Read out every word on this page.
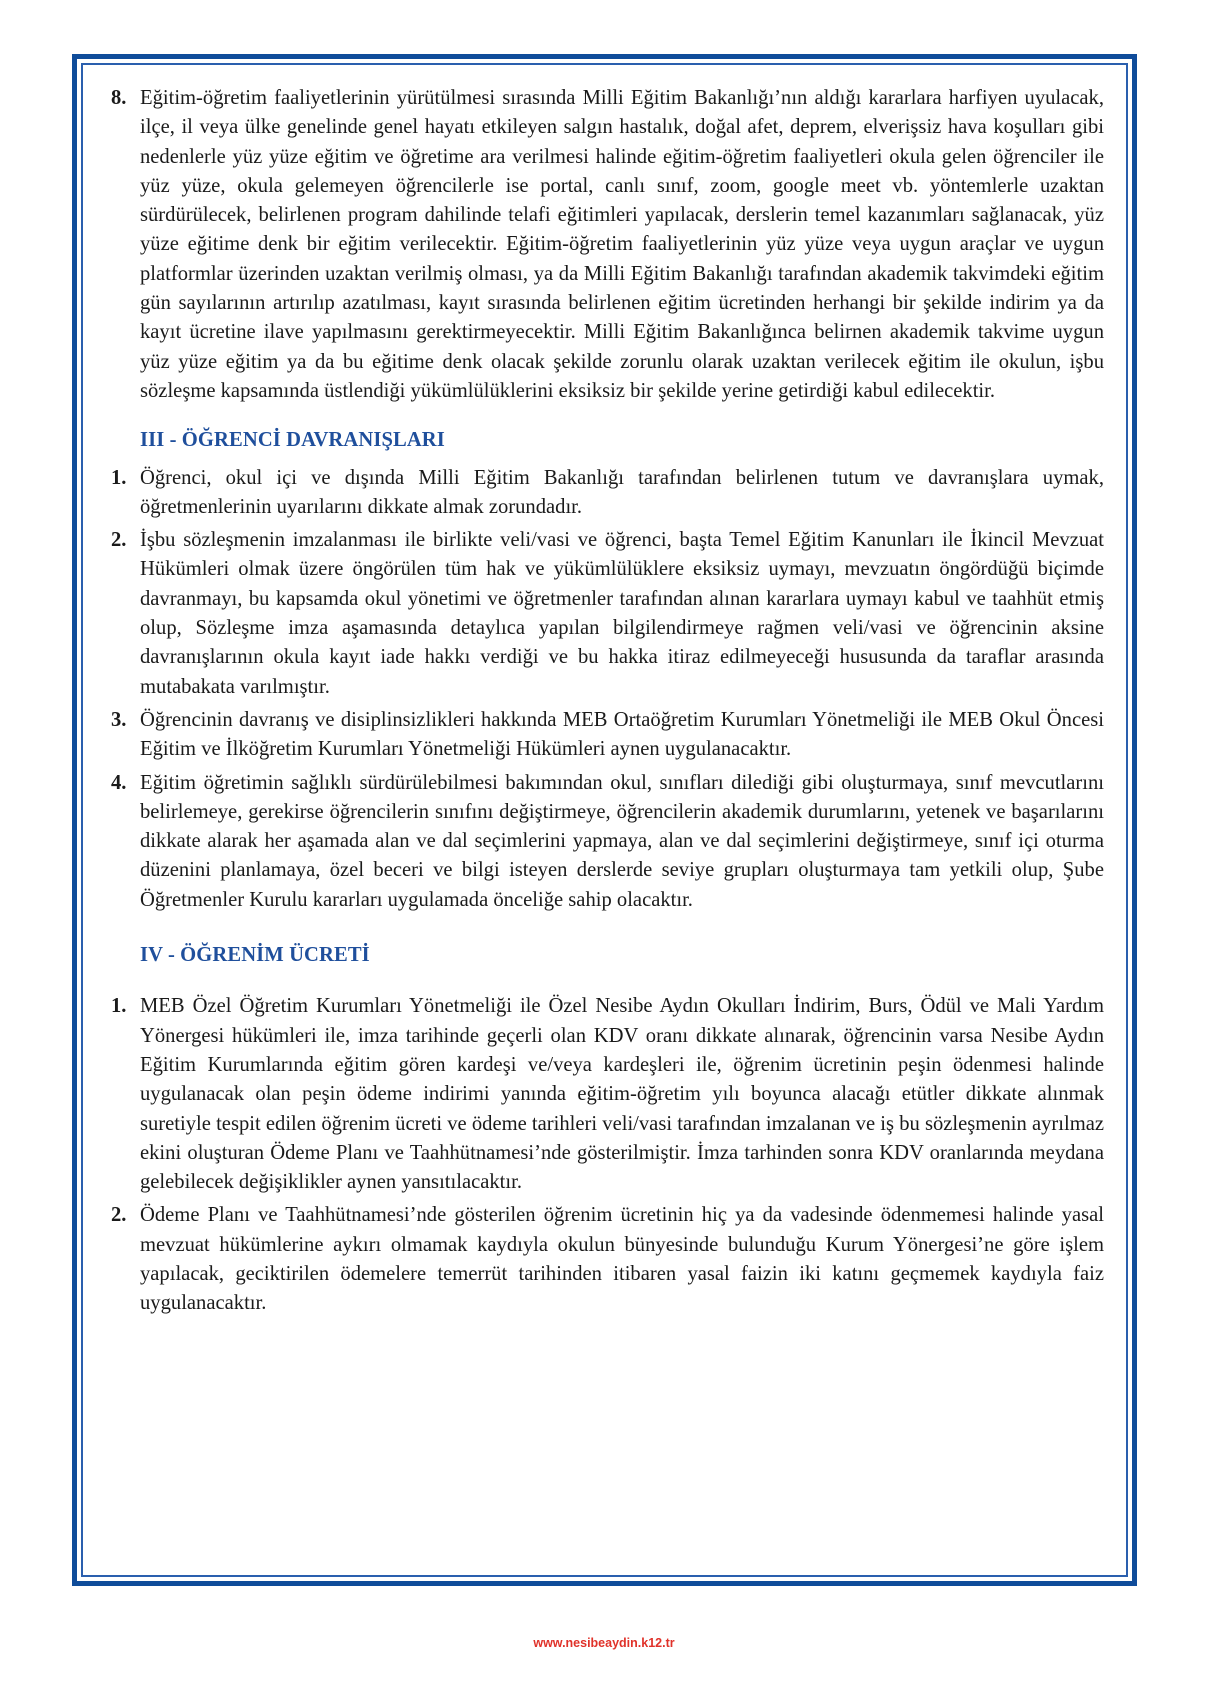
8. Eğitim-öğretim faaliyetlerinin yürütülmesi sırasında Milli Eğitim Bakanlığı’nın aldığı kararlara harfiyen uyulacak, ilçe, il veya ülke genelinde genel hayatı etkileyen salgın hastalık, doğal afet, deprem, elverişsiz hava koşulları gibi nedenlerle yüz yüze eğitim ve öğretime ara verilmesi halinde eğitim-öğretim faaliyetleri okula gelen öğrenciler ile yüz yüze, okula gelemeyen öğrencilerle ise portal, canlı sınıf, zoom, google meet vb. yöntemlerle uzaktan sürdürülecek, belirlenen program dahilinde telafi eğitimleri yapılacak, derslerin temel kazanımları sağlanacak, yüz yüze eğitime denk bir eğitim verilecektir. Eğitim-öğretim faaliyetlerinin yüz yüze veya uygun araçlar ve uygun platformlar üzerinden uzaktan verilmiş olması, ya da Milli Eğitim Bakanlığı tarafından akademik takvimdeki eğitim gün sayılarının artırılıp azatılması, kayıt sırasında belirlenen eğitim ücretinden herhangi bir şekilde indirim ya da kayıt ücretine ilave yapılmasını gerektirmeyecektir. Milli Eğitim Bakanlığınca belirnen akademik takvime uygun yüz yüze eğitim ya da bu eğitime denk olacak şekilde zorunlu olarak uzaktan verilecek eğitim ile okulun, işbu sözleşme kapsamında üstlendiği yükümlülüklerini eksiksiz bir şekilde yerine getirdiği kabul edilecektir.
III - ÖĞRENCİ DAVRANIŞLARI
1. Öğrenci, okul içi ve dışında Milli Eğitim Bakanlığı tarafından belirlenen tutum ve davranışlara uymak, öğretmenlerinin uyarılarını dikkate almak zorundadır.
2. İşbu sözleşmenin imzalanması ile birlikte veli/vasi ve öğrenci, başta Temel Eğitim Kanunları ile İkincil Mevzuat Hükümleri olmak üzere öngörülen tüm hak ve yükümlülüklere eksiksiz uymayı, mevzuatın öngördüğü biçimde davranmayı, bu kapsamda okul yönetimi ve öğretmenler tarafından alınan kararlara uymayı kabul ve taahhüt etmiş olup, Sözleşme imza aşamasında detaylıca yapılan bilgilendirmeye rağmen veli/vasi ve öğrencinin aksine davranışlarının okula kayıt iade hakkı verdiği ve bu hakka itiraz edilmeyeceği hususunda da taraflar arasında mutabakata varılmıştır.
3. Öğrencinin davranış ve disiplinsizlikleri hakkında MEB Ortaöğretim Kurumları Yönetmeliği ile MEB Okul Öncesi Eğitim ve İlköğretim Kurumları Yönetmeliği Hükümleri aynen uygulanacaktır.
4. Eğitim öğretimin sağlıklı sürdürülebilmesi bakımından okul, sınıfları dilediği gibi oluşturmaya, sınıf mevcutlarını belirlemeye, gerekirse öğrencilerin sınıfını değiştirmeye, öğrencilerin akademik durumlarını, yetenek ve başarılarını dikkate alarak her aşamada alan ve dal seçimlerini yapmaya, alan ve dal seçimlerini değiştirmeye, sınıf içi oturma düzenini planlamaya, özel beceri ve bilgi isteyen derslerde seviye grupları oluşturmaya tam yetkili olup, Şube Öğretmenler Kurulu kararları uygulamada önceliğe sahip olacaktır.
IV - ÖĞRENİM ÜCRETİ
1. MEB Özel Öğretim Kurumları Yönetmeliği ile Özel Nesibe Aydın Okulları İndirim, Burs, Ödül ve Mali Yardım Yönergesi hükümleri ile, imza tarihinde geçerli olan KDV oranı dikkate alınarak, öğrencinin varsa Nesibe Aydın Eğitim Kurumlarında eğitim gören kardeşi ve/veya kardeşleri ile, öğrenim ücretinin peşin ödenmesi halinde uygulanacak olan peşin ödeme indirimi yanında eğitim-öğretim yılı boyunca alacağı etütler dikkate alınmak suretiyle tespit edilen öğrenim ücreti ve ödeme tarihleri veli/vasi tarafından imzalanan ve iş bu sözleşmenin ayrılmaz ekini oluşturan Ödeme Planı ve Taahhütnamesi’nde gösterilmiştir. İmza tarhinden sonra KDV oranlarında meydana gelebilecek değişiklikler aynen yansıtılacaktır.
2. Ödeme Planı ve Taahhütnamesi’nde gösterilen öğrenim ücretinin hiç ya da vadesinde ödenmemesi halinde yasal mevzuat hükümlerine aykırı olmamak kaydıyla okulun bünyesinde bulunduğu Kurum Yönergesi’ne göre işlem yapılacak, geciktirilen ödemelere temerrüt tarihinden itibaren yasal faizin iki katını geçmemek kaydıyla faiz uygulanacaktır.
www.nesibeaydin.k12.tr
